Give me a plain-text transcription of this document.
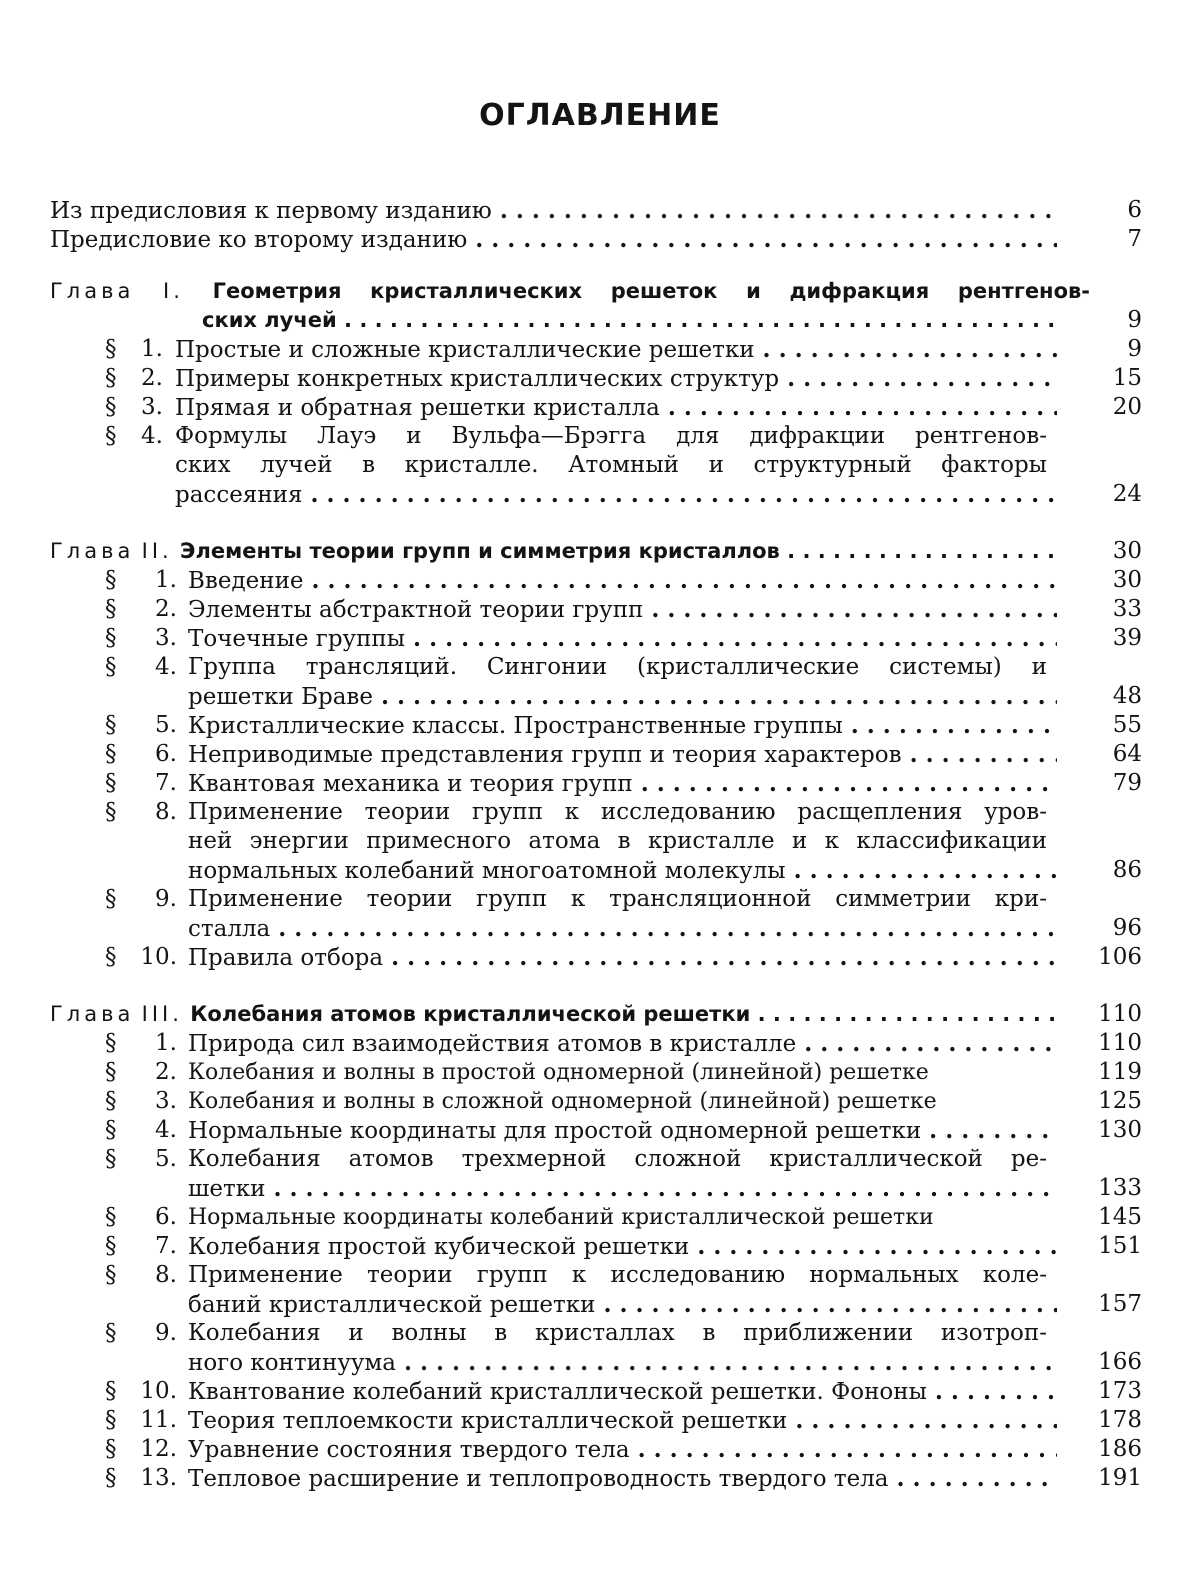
ОГЛАВЛЕНИЕ
Из предисловия к первому изданию . . .	6
Предисловие ко второму изданию . . .	7
Глава I. Геометрия кристаллических решеток и дифракция рентгенов-
ских лучей . . .	9
§	1. Простые и сложные кристаллические решетки . . .	9
§	2. Примеры конкретных кристаллических структур . . .	15
§	3. Прямая и обратная решетки кристалла . . .	20
§	4. Формулы Лауэ и Вульфа—Брэгга для дифракции рентгенов-
ских лучей в кристалле. Атомный и структурный факторы
рассеяния . . .	24
Глава II. Элементы теории групп и симметрия кристаллов . . .	30
§	1. Введение . . .	30
§	2. Элементы абстрактной теории групп . . .	33
§	3. Точечные группы . . .	39
§	4. Группа трансляций. Сингонии (кристаллические системы) и
решетки Браве . . .	48
§	5. Кристаллические классы. Пространственные группы . . .	55
§	6. Неприводимые представления групп и теория характеров . . .	64
§	7. Квантовая механика и теория групп . . .	79
§	8. Применение теории групп к исследованию расщепления уров-
ней энергии примесного атома в кристалле и к классификации
нормальных колебаний многоатомной молекулы . . .	86
§	9. Применение теории групп к трансляционной симметрии кри-
сталла . . .	96
§	10. Правила отбора . . .	106
Глава III. Колебания атомов кристаллической решетки . . .	110
§	1. Природа сил взаимодействия атомов в кристалле . . .	110
§	2. Колебания и волны в простой одномерной (линейной) решетке	119
§	3. Колебания и волны в сложной одномерной (линейной) решетке	125
§	4. Нормальные координаты для простой одномерной решетки . . .	130
§	5. Колебания атомов трехмерной сложной кристаллической ре-
шетки . . .	133
§	6. Нормальные координаты колебаний кристаллической решетки	145
§	7. Колебания простой кубической решетки . . .	151
§	8. Применение теории групп к исследованию нормальных коле-
баний кристаллической решетки . . .	157
§	9. Колебания и волны в кристаллах в приближении изотроп-
ного континуума . . .	166
§	10. Квантование колебаний кристаллической решетки. Фононы . . .	173
§	11. Теория теплоемкости кристаллической решетки . . .	178
§	12. Уравнение состояния твердого тела . . .	186
§	13. Тепловое расширение и теплопроводность твердого тела . . .	191
